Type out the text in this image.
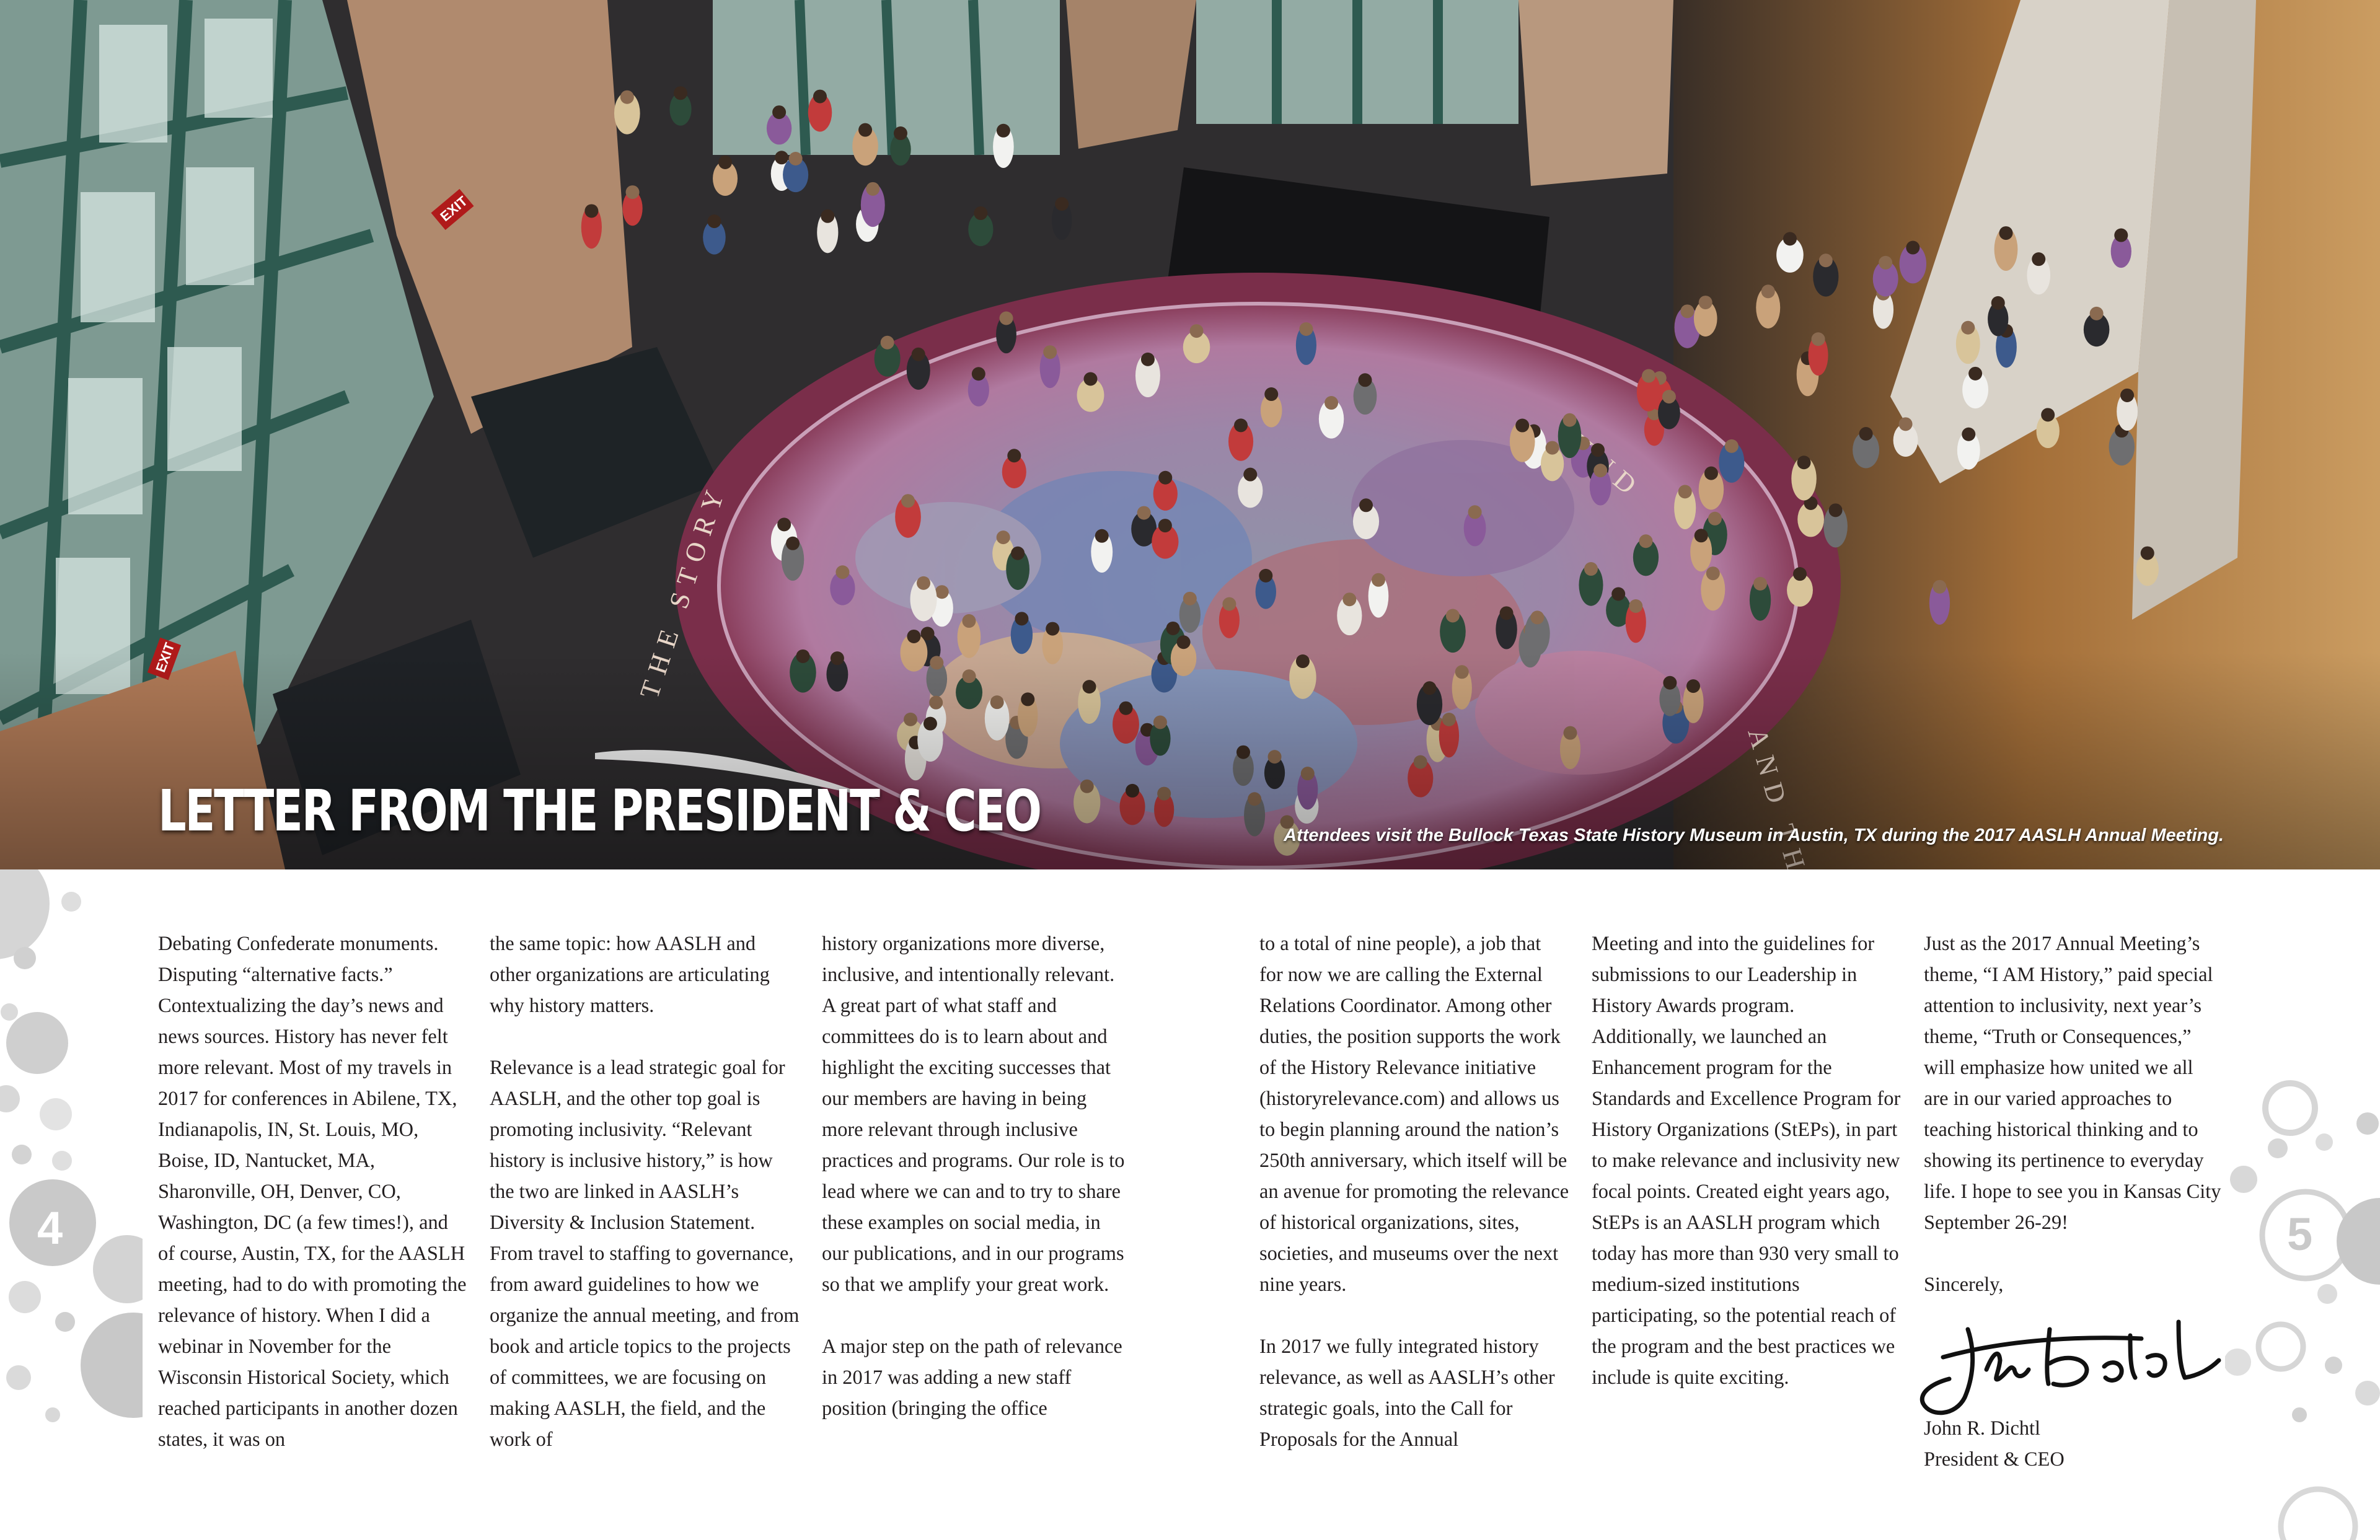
LETTER FROM THE PRESIDENT & CEO	Attendees visit the Bullock Texas State History Museum in Austin, TX during the 2017 AASLH Annual Meeting.
4	5

Debating Confederate monuments. Disputing “alternative facts.” Contextualizing the day’s news and news sources. History has never felt more relevant. Most of my travels in 2017 for conferences in Abilene, TX, Indianapolis, IN, St. Louis, MO, Boise, ID, Nantucket, MA, Sharonville, OH, Denver, CO, Washington, DC (a few times!), and of course, Austin, TX, for the AASLH meeting, had to do with promoting the relevance of history. When I did a webinar in November for the Wisconsin Historical Society, which reached participants in another dozen states, it was on

the same topic: how AASLH and other organizations are articulating why history matters.

Relevance is a lead strategic goal for AASLH, and the other top goal is promoting inclusivity. “Relevant history is inclusive history,” is how the two are linked in AASLH’s Diversity & Inclusion Statement. From travel to staffing to governance, from award guidelines to how we organize the annual meeting, and from book and article topics to the projects of committees, we are focusing on making AASLH, the field, and the work of

history organizations more diverse, inclusive, and intentionally relevant. A great part of what staff and committees do is to learn about and highlight the exciting successes that our members are having in being more relevant through inclusive practices and programs. Our role is to lead where we can and to try to share these examples on social media, in our publications, and in our programs so that we amplify your great work.

A major step on the path of relevance in 2017 was adding a new staff position (bringing the office

to a total of nine people), a job that for now we are calling the External Relations Coordinator. Among other duties, the position supports the work of the History Relevance initiative (historyrelevance.com) and allows us to begin planning around the nation’s 250th anniversary, which itself will be an avenue for promoting the relevance of historical organizations, sites, societies, and museums over the next nine years.

In 2017 we fully integrated history relevance, as well as AASLH’s other strategic goals, into the Call for Proposals for the Annual

Meeting and into the guidelines for submissions to our Leadership in History Awards program. Additionally, we launched an Enhancement program for the Standards and Excellence Program for History Organizations (StEPs), in part to make relevance and inclusivity new focal points. Created eight years ago, StEPs is an AASLH program which today has more than 930 very small to medium-sized institutions participating, so the potential reach of the program and the best practices we include is quite exciting.

Just as the 2017 Annual Meeting’s theme, “I AM History,” paid special attention to inclusivity, next year’s theme, “Truth or Consequences,” will emphasize how united we all are in our varied approaches to teaching historical thinking and to showing its pertinence to everyday life. I hope to see you in Kansas City September 26-29!

Sincerely,

John R. Dichtl
President & CEO
